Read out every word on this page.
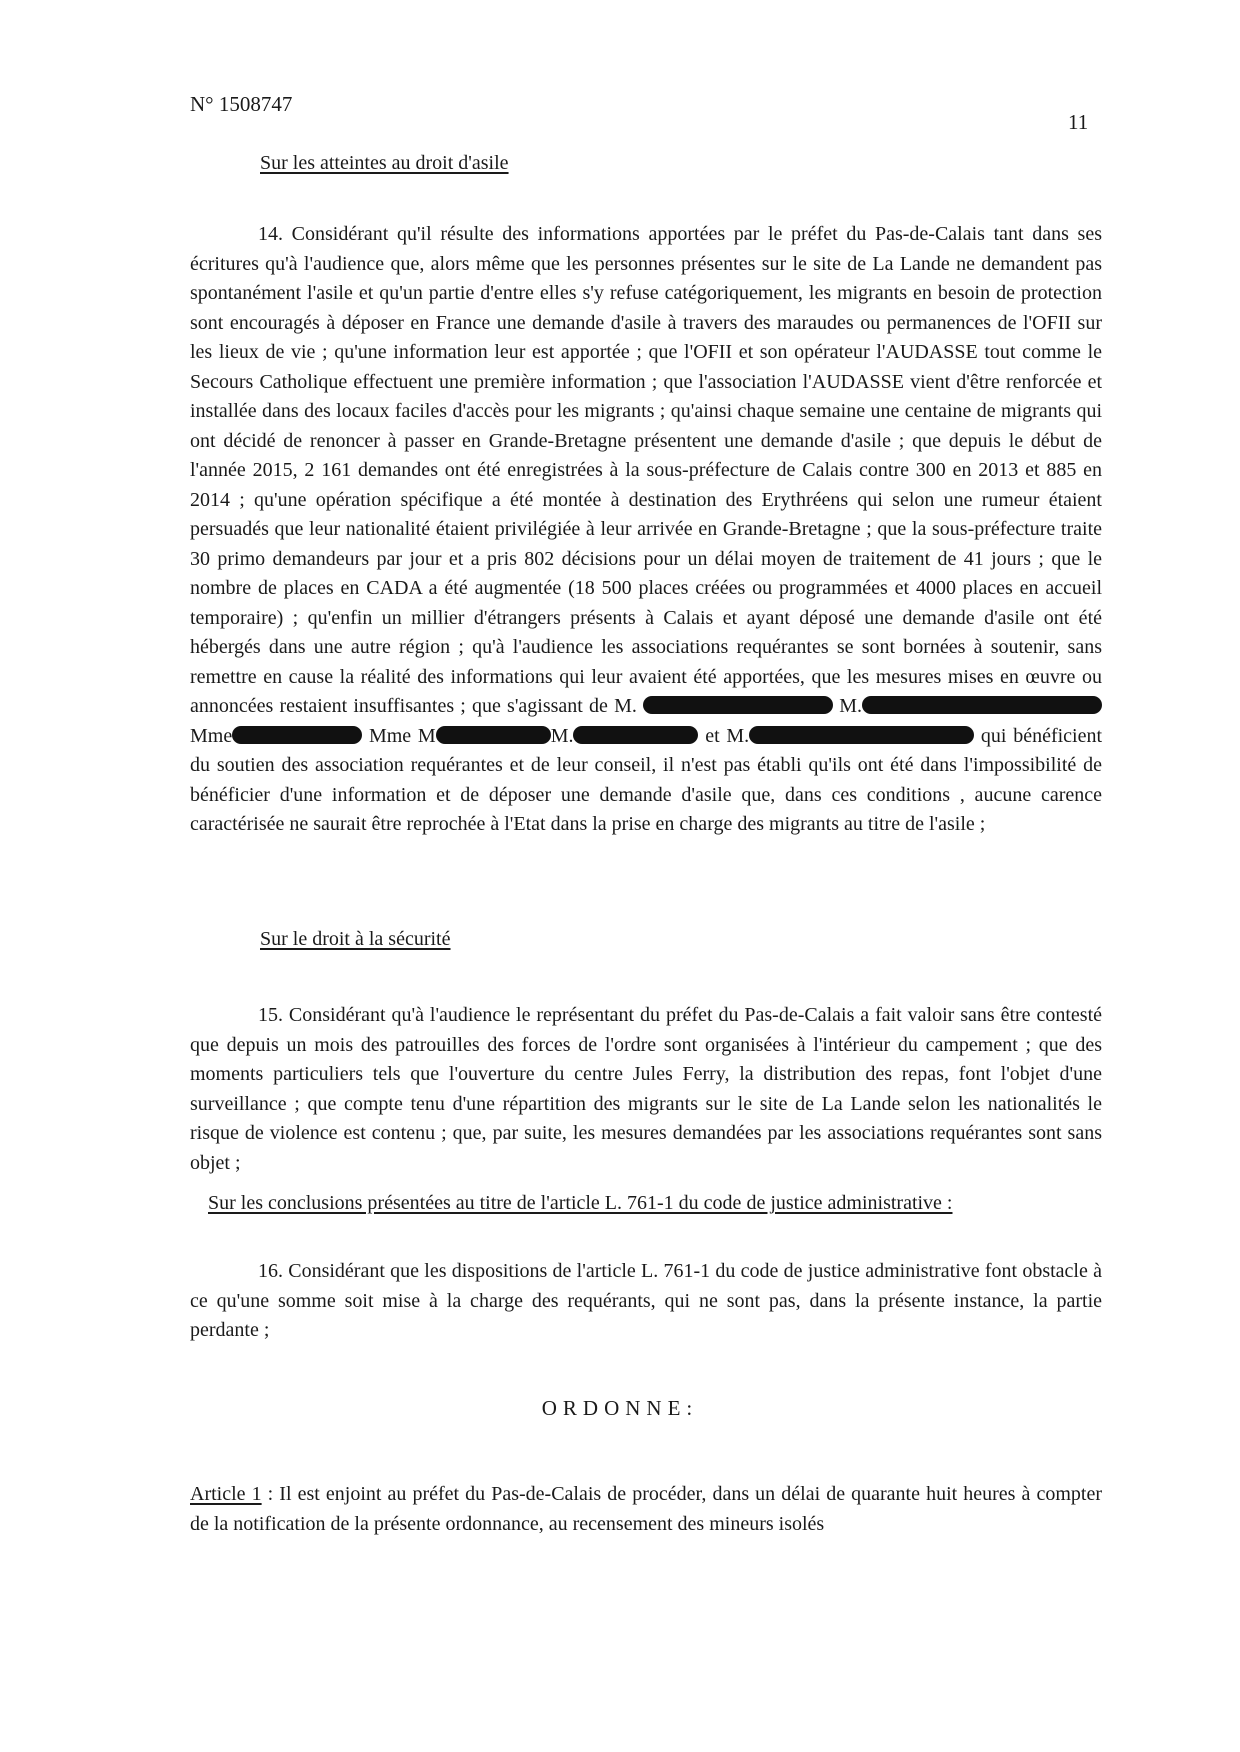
N° 1508747
11
Sur les atteintes au droit d'asile
14. Considérant qu'il résulte des informations apportées par le préfet du Pas-de-Calais tant dans ses écritures qu'à l'audience que, alors même que les personnes présentes sur le site de La Lande ne demandent pas spontanément l'asile et qu'un partie d'entre elles s'y refuse catégoriquement, les migrants en besoin de protection sont encouragés à déposer en France une demande d'asile à travers des maraudes ou permanences de l'OFII sur les lieux de vie ; qu'une information leur est apportée ; que l'OFII et son opérateur l'AUDASSE tout comme le Secours Catholique effectuent une première information ; que l'association l'AUDASSE vient d'être renforcée et installée dans des locaux faciles d'accès pour les migrants ; qu'ainsi chaque semaine une centaine de migrants qui ont décidé de renoncer à passer en Grande-Bretagne présentent une demande d'asile ; que depuis le début de l'année 2015, 2 161 demandes ont été enregistrées à la sous-préfecture de Calais contre 300 en 2013 et 885 en 2014 ; qu'une opération spécifique a été montée à destination des Erythréens qui selon une rumeur étaient persuadés que leur nationalité étaient privilégiée à leur arrivée en Grande-Bretagne ; que la sous-préfecture traite 30 primo demandeurs par jour et a pris 802 décisions pour un délai moyen de traitement de 41 jours ; que le nombre de places en CADA a été augmentée (18 500 places créées ou programmées et 4000 places en accueil temporaire) ; qu'enfin un millier d'étrangers présents à Calais et ayant déposé une demande d'asile ont été hébergés dans une autre région ; qu'à l'audience les associations requérantes se sont bornées à soutenir, sans remettre en cause la réalité des informations qui leur avaient été apportées, que les mesures mises en œuvre ou annoncées restaient insuffisantes ; que s'agissant de M.	M. Mme	Mme M	M.	et M.	qui bénéficient du soutien des association requérantes et de leur conseil, il n'est pas établi qu'ils ont été dans l'impossibilité de bénéficier d'une information et de déposer une demande d'asile que, dans ces conditions , aucune carence caractérisée ne saurait être reprochée à l'Etat dans la prise en charge des migrants au titre de l'asile ;
Sur le droit à la sécurité
15. Considérant qu'à l'audience le représentant du préfet du Pas-de-Calais a fait valoir sans être contesté que depuis un mois des patrouilles des forces de l'ordre sont organisées à l'intérieur du campement ; que des moments particuliers tels que l'ouverture du centre Jules Ferry, la distribution des repas, font l'objet d'une surveillance ; que compte tenu d'une répartition des migrants sur le site de La Lande selon les nationalités le risque de violence est contenu ; que, par suite, les mesures demandées par les associations requérantes sont sans objet ;
Sur les conclusions présentées au titre de l'article L. 761-1 du code de justice administrative :
16. Considérant que les dispositions de l'article L. 761-1 du code de justice administrative font obstacle à ce qu'une somme soit mise à la charge des requérants, qui ne sont pas, dans la présente instance, la partie perdante ;
ORDONNE:
Article 1 : Il est enjoint au préfet du Pas-de-Calais de procéder, dans un délai de quarante huit heures à compter de la notification de la présente ordonnance, au recensement des mineurs isolés
